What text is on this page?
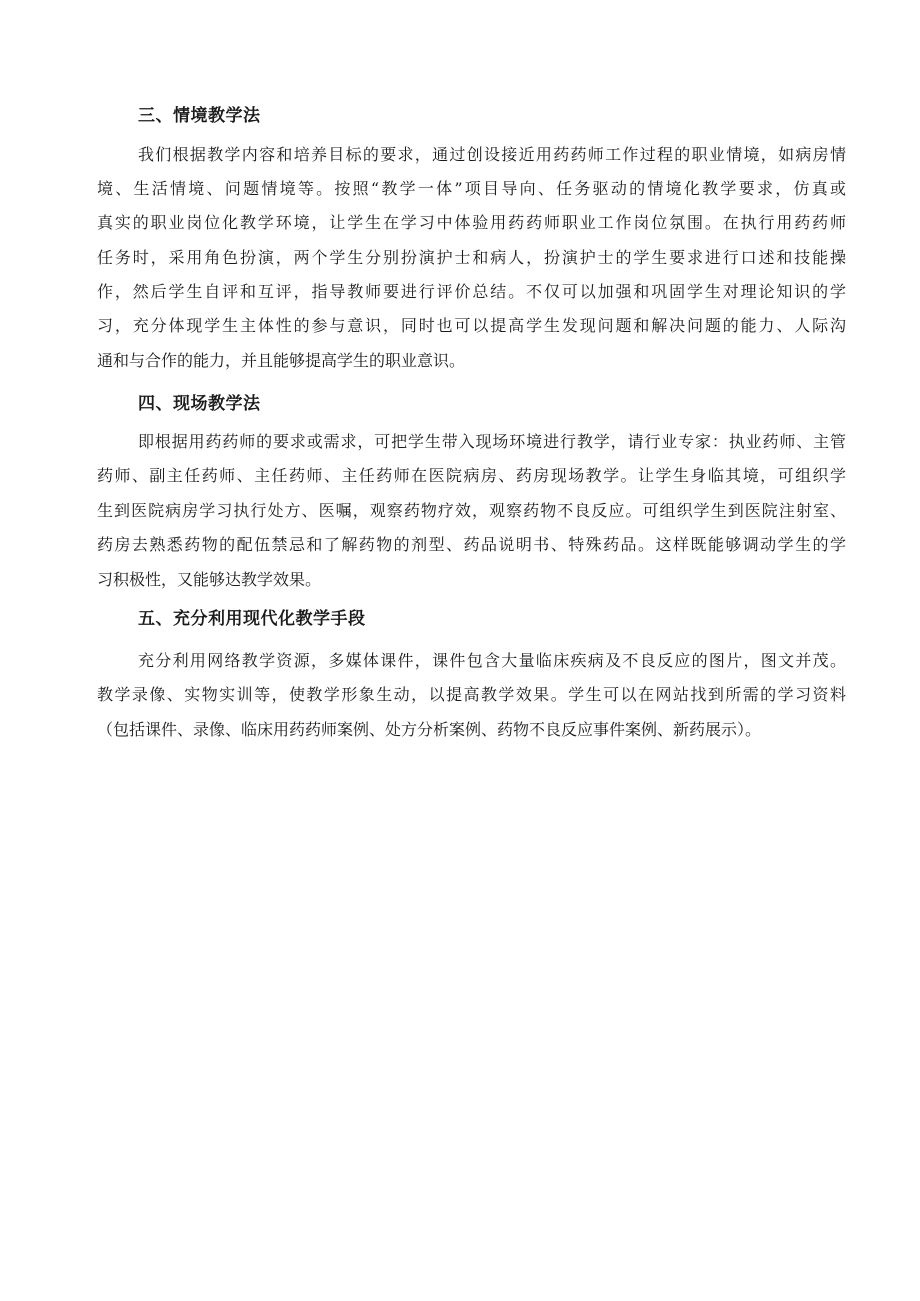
三、情境教学法

我们根据教学内容和培养目标的要求，通过创设接近用药药师工作过程的职业情境，如病房情

境、生活情境、问题情境等。按照“教学一体”项目导向、任务驱动的情境化教学要求，仿真或

真实的职业岗位化教学环境，让学生在学习中体验用药药师职业工作岗位氛围。在执行用药药师

任务时，采用角色扮演，两个学生分别扮演护士和病人，扮演护士的学生要求进行口述和技能操

作，然后学生自评和互评，指导教师要进行评价总结。不仅可以加强和巩固学生对理论知识的学

习，充分体现学生主体性的参与意识，同时也可以提高学生发现问题和解决问题的能力、人际沟

通和与合作的能力，并且能够提高学生的职业意识。

四、现场教学法

即根据用药药师的要求或需求，可把学生带入现场环境进行教学，请行业专家：执业药师、主管

药师、副主任药师、主任药师、主任药师在医院病房、药房现场教学。让学生身临其境，可组织学

生到医院病房学习执行处方、医嘱，观察药物疗效，观察药物不良反应。可组织学生到医院注射室、

药房去熟悉药物的配伍禁忌和了解药物的剂型、药品说明书、特殊药品。这样既能够调动学生的学

习积极性，又能够达教学效果。

五、充分利用现代化教学手段

充分利用网络教学资源，多媒体课件，课件包含大量临床疾病及不良反应的图片，图文并茂。

教学录像、实物实训等，使教学形象生动，以提高教学效果。学生可以在网站找到所需的学习资料

（包括课件、录像、临床用药药师案例、处方分析案例、药物不良反应事件案例、新药展示）。
